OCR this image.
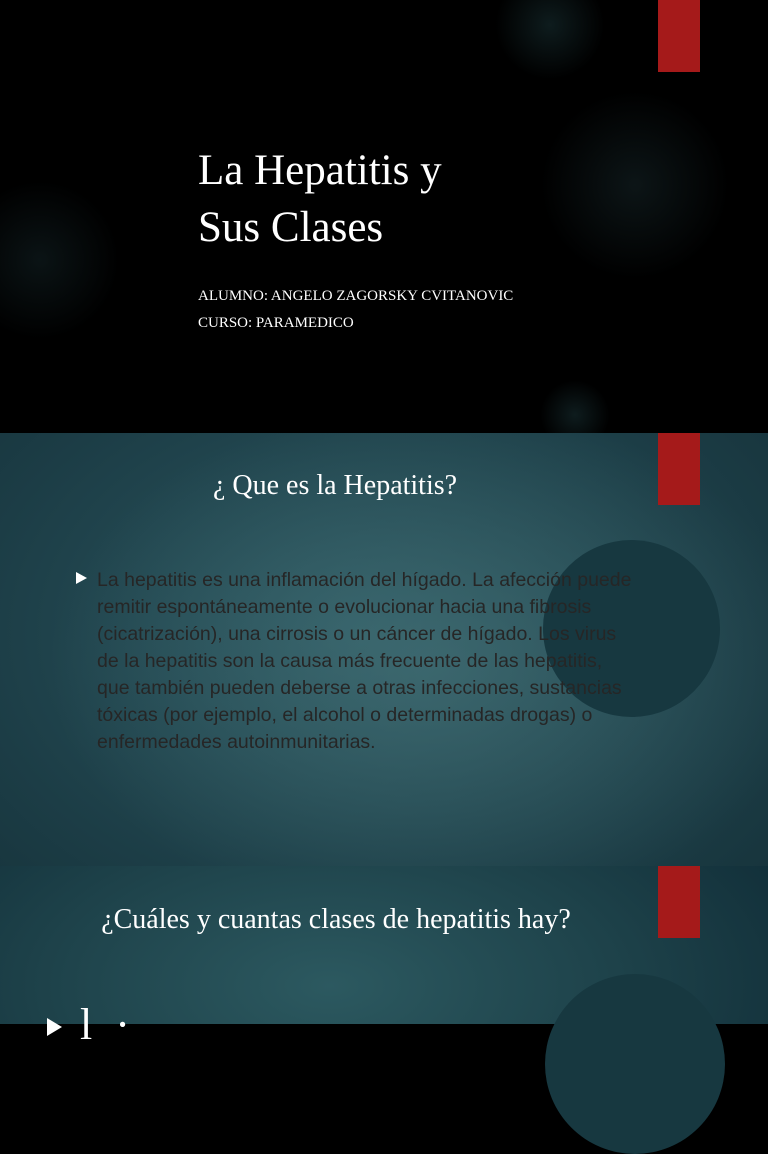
La Hepatitis y
Sus Clases
ALUMNO: ANGELO ZAGORSKY CVITANOVIC
CURSO: PARAMEDICO
¿ Que es la Hepatitis?
La hepatitis es una inflamación del hígado. La afección puede remitir espontáneamente o evolucionar hacia una fibrosis (cicatrización), una cirrosis o un cáncer de hígado. Los virus de la hepatitis son la causa más frecuente de las hepatitis, que también pueden deberse a otras infecciones, sustancias tóxicas (por ejemplo, el alcohol o determinadas drogas) o enfermedades autoinmunitarias.
¿Cuáles y cuantas clases de hepatitis hay?
l ·
